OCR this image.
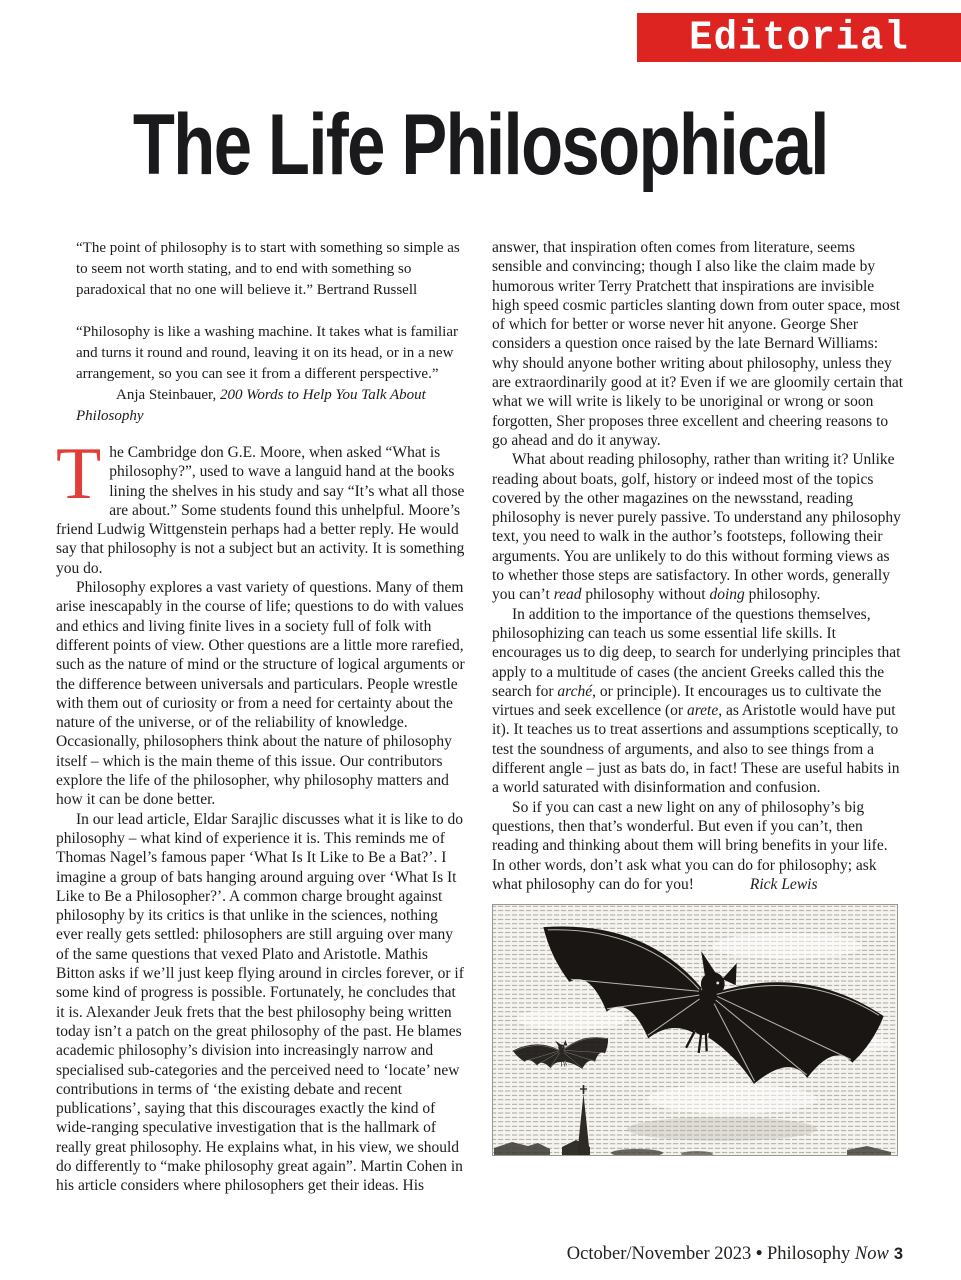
Editorial
The Life Philosophical
“The point of philosophy is to start with something so simple as to seem not worth stating, and to end with something so paradoxical that no one will believe it.” Bertrand Russell
“Philosophy is like a washing machine. It takes what is familiar and turns it round and round, leaving it on its head, or in a new arrangement, so you can see it from a different perspective.”
Anja Steinbauer, 200 Words to Help You Talk About Philosophy

The Cambridge don G.E. Moore, when asked “What is philosophy?”, used to wave a languid hand at the books lining the shelves in his study and say “It’s what all those are about.” Some students found this unhelpful. Moore’s friend Ludwig Wittgenstein perhaps had a better reply. He would say that philosophy is not a subject but an activity. It is something you do.

Philosophy explores a vast variety of questions. Many of them arise inescapably in the course of life; questions to do with values and ethics and living finite lives in a society full of folk with different points of view. Other questions are a little more rarefied, such as the nature of mind or the structure of logical arguments or the difference between universals and particulars. People wrestle with them out of curiosity or from a need for certainty about the nature of the universe, or of the reliability of knowledge. Occasionally, philosophers think about the nature of philosophy itself – which is the main theme of this issue. Our contributors explore the life of the philosopher, why philosophy matters and how it can be done better.

In our lead article, Eldar Sarajlic discusses what it is like to do philosophy – what kind of experience it is. This reminds me of Thomas Nagel’s famous paper ‘What Is It Like to Be a Bat?’. I imagine a group of bats hanging around arguing over ‘What Is It Like to Be a Philosopher?’. A common charge brought against philosophy by its critics is that unlike in the sciences, nothing ever really gets settled: philosophers are still arguing over many of the same questions that vexed Plato and Aristotle. Mathis Bitton asks if we’ll just keep flying around in circles forever, or if some kind of progress is possible. Fortunately, he concludes that it is. Alexander Jeuk frets that the best philosophy being written today isn’t a patch on the great philosophy of the past. He blames academic philosophy’s division into increasingly narrow and specialised sub-categories and the perceived need to ‘locate’ new contributions in terms of ‘the existing debate and recent publications’, saying that this discourages exactly the kind of wide-ranging speculative investigation that is the hallmark of really great philosophy. He explains what, in his view, we should do differently to “make philosophy great again”. Martin Cohen in his article considers where philosophers get their ideas. His

answer, that inspiration often comes from literature, seems sensible and convincing; though I also like the claim made by humorous writer Terry Pratchett that inspirations are invisible high speed cosmic particles slanting down from outer space, most of which for better or worse never hit anyone. George Sher considers a question once raised by the late Bernard Williams: why should anyone bother writing about philosophy, unless they are extraordinarily good at it? Even if we are gloomily certain that what we will write is likely to be unoriginal or wrong or soon forgotten, Sher proposes three excellent and cheering reasons to go ahead and do it anyway.

What about reading philosophy, rather than writing it? Unlike reading about boats, golf, history or indeed most of the topics covered by the other magazines on the newsstand, reading philosophy is never purely passive. To understand any philosophy text, you need to walk in the author’s footsteps, following their arguments. You are unlikely to do this without forming views as to whether those steps are satisfactory. In other words, generally you can’t read philosophy without doing philosophy.

In addition to the importance of the questions themselves, philosophizing can teach us some essential life skills. It encourages us to dig deep, to search for underlying principles that apply to a multitude of cases (the ancient Greeks called this the search for arché, or principle). It encourages us to cultivate the virtues and seek excellence (or arete, as Aristotle would have put it). It teaches us to treat assertions and assumptions sceptically, to test the soundness of arguments, and also to see things from a different angle – just as bats do, in fact! These are useful habits in a world saturated with disinformation and confusion.

So if you can cast a new light on any of philosophy’s big questions, then that’s wonderful. But even if you can’t, then reading and thinking about them will bring benefits in your life. In other words, don’t ask what you can do for philosophy; ask what philosophy can do for you!	Rick Lewis

October/November 2023 • Philosophy Now 3
